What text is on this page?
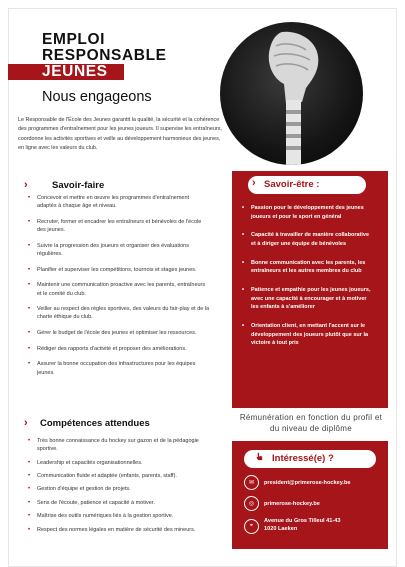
EMPLOI
RESPONSABLE
JEUNES
Nous engageons
Le Responsable de l'École des Jeunes garantit la qualité, la sécurité et la cohérence des programmes d'entraînement pour les jeunes joueurs. Il supervise les entraîneurs, coordonne les activités sportives et veille au développement harmonieux des jeunes, en ligne avec les valeurs du club.
›	Savoir-faire
• Concevoir et mettre en œuvre les programmes d'entraînement adaptés à chaque âge et niveau.
• Recruter, former et encadrer les entraîneurs et bénévoles de l'école des jeunes.
• Suivre la progression des joueurs et organiser des évaluations régulières.
• Planifier et superviser les compétitions, tournois et stages jeunes.
• Maintenir une communication proactive avec les parents, entraîneurs et le comité du club.
• Veiller au respect des règles sportives, des valeurs du fair-play et de la charte éthique du club.
• Gérer le budget de l'école des jeunes et optimiser les ressources.
• Rédiger des rapports d'activité et proposer des améliorations.
• Assurer la bonne occupation des infrastructures pour les équipes jeunes.
› Compétences attendues
• Très bonne connaissance du hockey sur gazon et de la pédagogie sportive.
• Leadership et capacités organisationnelles.
• Communication fluide et adaptée (enfants, parents, staff).
• Gestion d'équipe et gestion de projets.
• Sens de l'écoute, patience et capacité à motiver.
• Maîtrise des outils numériques liés à la gestion sportive.
• Respect des normes légales en matière de sécurité des mineurs.
› Savoir-être :
• Passion pour le développement des jeunes joueurs et pour le sport en général
• Capacité à travailler de manière collaborative et à diriger une équipe de bénévoles
• Bonne communication avec les parents, les entraîneurs et les autres membres du club
• Patience et empathie pour les jeunes joueurs, avec une capacité à encourager et à motiver les enfants à s'améliorer
• Orientation client, en mettant l'accent sur le développement des joueurs plutôt que sur la victoire à tout prix
Rémunération en fonction du profil et du niveau de diplôme
Intéressé(e) ?
✉	president@primerose-hockey.be
◎	primerose-hockey.be
⌖
Avenue du Gros Tilleul 41-43 1020 Laeken
